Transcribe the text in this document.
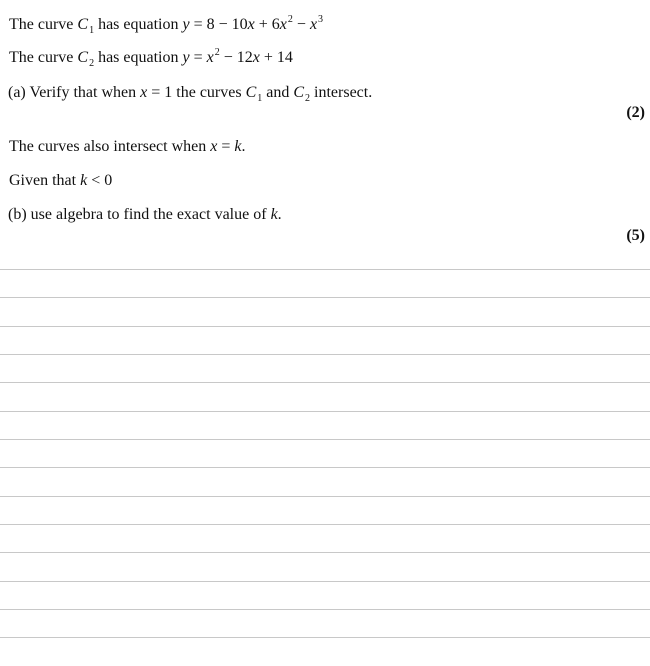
The curve $C_1$ has equation $y = 8 - 10x + 6x^2 - x^3$
The curve $C_2$ has equation $y = x^2 - 12x + 14$
(a) Verify that when x = 1 the curves $C_1$ and $C_2$ intersect.
(2)
The curves also intersect when x = k.
Given that k < 0
(b) use algebra to find the exact value of k.
(5)
